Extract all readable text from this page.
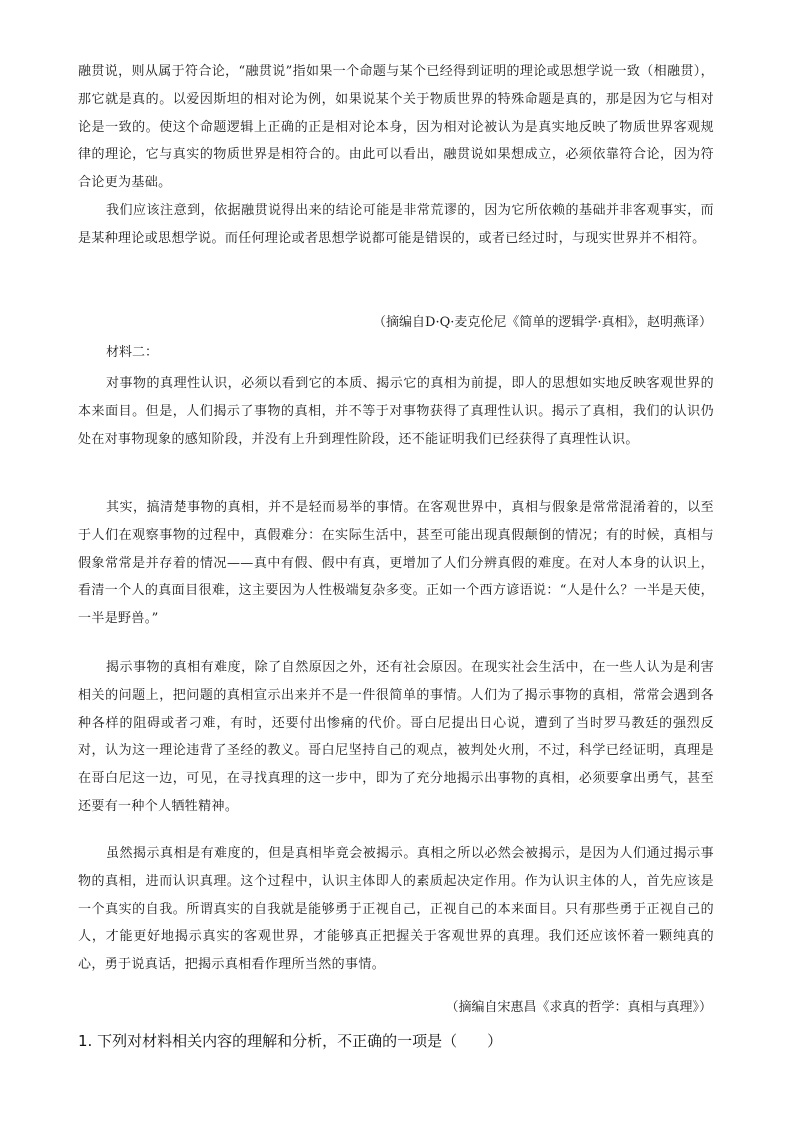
融贯说，则从属于符合论，“融贯说”指如果一个命题与某个已经得到证明的理论或思想学说一致（相融贯），那它就是真的。以爱因斯坦的相对论为例，如果说某个关于物质世界的特殊命题是真的，那是因为它与相对论是一致的。使这个命题逻辑上正确的正是相对论本身，因为相对论被认为是真实地反映了物质世界客观规律的理论，它与真实的物质世界是相符合的。由此可以看出，融贯说如果想成立，必须依靠符合论，因为符合论更为基础。

我们应该注意到，依据融贯说得出来的结论可能是非常荒谬的，因为它所依赖的基础并非客观事实，而是某种理论或思想学说。而任何理论或者思想学说都可能是错误的，或者已经过时，与现实世界并不相符。

（摘编自D·Q·麦克伦尼《简单的逻辑学·真相》，赵明燕译）
材料二：

对事物的真理性认识，必须以看到它的本质、揭示它的真相为前提，即人的思想如实地反映客观世界的本来面目。但是，人们揭示了事物的真相，并不等于对事物获得了真理性认识。揭示了真相，我们的认识仍处在对事物现象的感知阶段，并没有上升到理性阶段，还不能证明我们已经获得了真理性认识。

其实，搞清楚事物的真相，并不是轻而易举的事情。在客观世界中，真相与假象是常常混淆着的，以至于人们在观察事物的过程中，真假难分：在实际生活中，甚至可能出现真假颠倒的情况；有的时候，真相与假象常常是并存着的情况——真中有假、假中有真，更增加了人们分辨真假的难度。在对人本身的认识上，看清一个人的真面目很难，这主要因为人性极端复杂多变。正如一个西方谚语说：“人是什么？一半是天使，一半是野兽。”

揭示事物的真相有难度，除了自然原因之外，还有社会原因。在现实社会生活中，在一些人认为是利害相关的问题上，把问题的真相宣示出来并不是一件很简单的事情。人们为了揭示事物的真相，常常会遇到各种各样的阻碍或者刁难，有时，还要付出惨痛的代价。哥白尼提出日心说，遭到了当时罗马教廷的强烈反对，认为这一理论违背了圣经的教义。哥白尼坚持自己的观点，被判处火刑，不过，科学已经证明，真理是在哥白尼这一边，可见，在寻找真理的这一步中，即为了充分地揭示出事物的真相，必须要拿出勇气，甚至还要有一种个人牺牲精神。

虽然揭示真相是有难度的，但是真相毕竟会被揭示。真相之所以必然会被揭示，是因为人们通过揭示事物的真相，进而认识真理。这个过程中，认识主体即人的素质起决定作用。作为认识主体的人，首先应该是一个真实的自我。所谓真实的自我就是能够勇于正视自己，正视自己的本来面目。只有那些勇于正视自己的人，才能更好地揭示真实的客观世界，才能够真正把握关于客观世界的真理。我们还应该怀着一颗纯真的心，勇于说真话，把揭示真相看作理所当然的事情。

（摘编自宋惠昌《求真的哲学：真相与真理》）
1. 下列对材料相关内容的理解和分析，不正确的一项是（　　）
